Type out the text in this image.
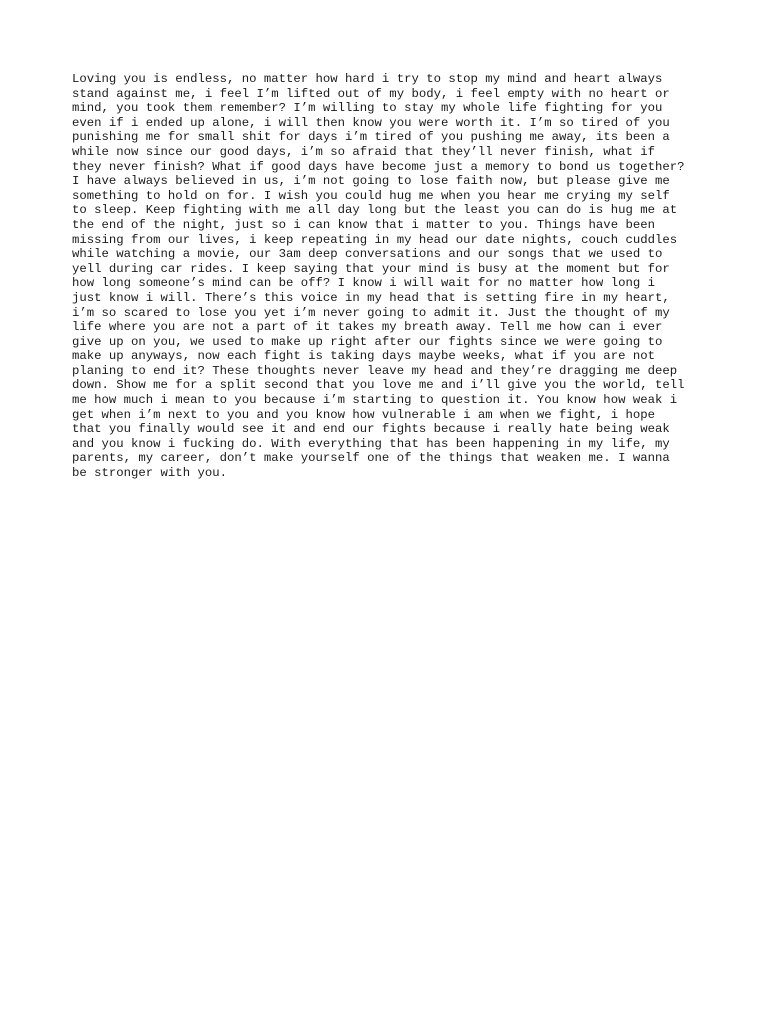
Loving you is endless, no matter how hard i try to stop my mind and heart always
stand against me, i feel I’m lifted out of my body, i feel empty with no heart or
mind, you took them remember? I’m willing to stay my whole life fighting for you
even if i ended up alone, i will then know you were worth it. I’m so tired of you
punishing me for small shit for days i’m tired of you pushing me away, its been a
while now since our good days, i’m so afraid that they’ll never finish, what if
they never finish? What if good days have become just a memory to bond us together?
I have always believed in us, i’m not going to lose faith now, but please give me
something to hold on for. I wish you could hug me when you hear me crying my self
to sleep. Keep fighting with me all day long but the least you can do is hug me at
the end of the night, just so i can know that i matter to you. Things have been
missing from our lives, i keep repeating in my head our date nights, couch cuddles
while watching a movie, our 3am deep conversations and our songs that we used to
yell during car rides. I keep saying that your mind is busy at the moment but for
how long someone’s mind can be off? I know i will wait for no matter how long i
just know i will. There’s this voice in my head that is setting fire in my heart,
i’m so scared to lose you yet i’m never going to admit it. Just the thought of my
life where you are not a part of it takes my breath away. Tell me how can i ever
give up on you, we used to make up right after our fights since we were going to
make up anyways, now each fight is taking days maybe weeks, what if you are not
planing to end it? These thoughts never leave my head and they’re dragging me deep
down. Show me for a split second that you love me and i’ll give you the world, tell
me how much i mean to you because i’m starting to question it. You know how weak i
get when i’m next to you and you know how vulnerable i am when we fight, i hope
that you finally would see it and end our fights because i really hate being weak
and you know i fucking do. With everything that has been happening in my life, my
parents, my career, don’t make yourself one of the things that weaken me. I wanna
be stronger with you.
